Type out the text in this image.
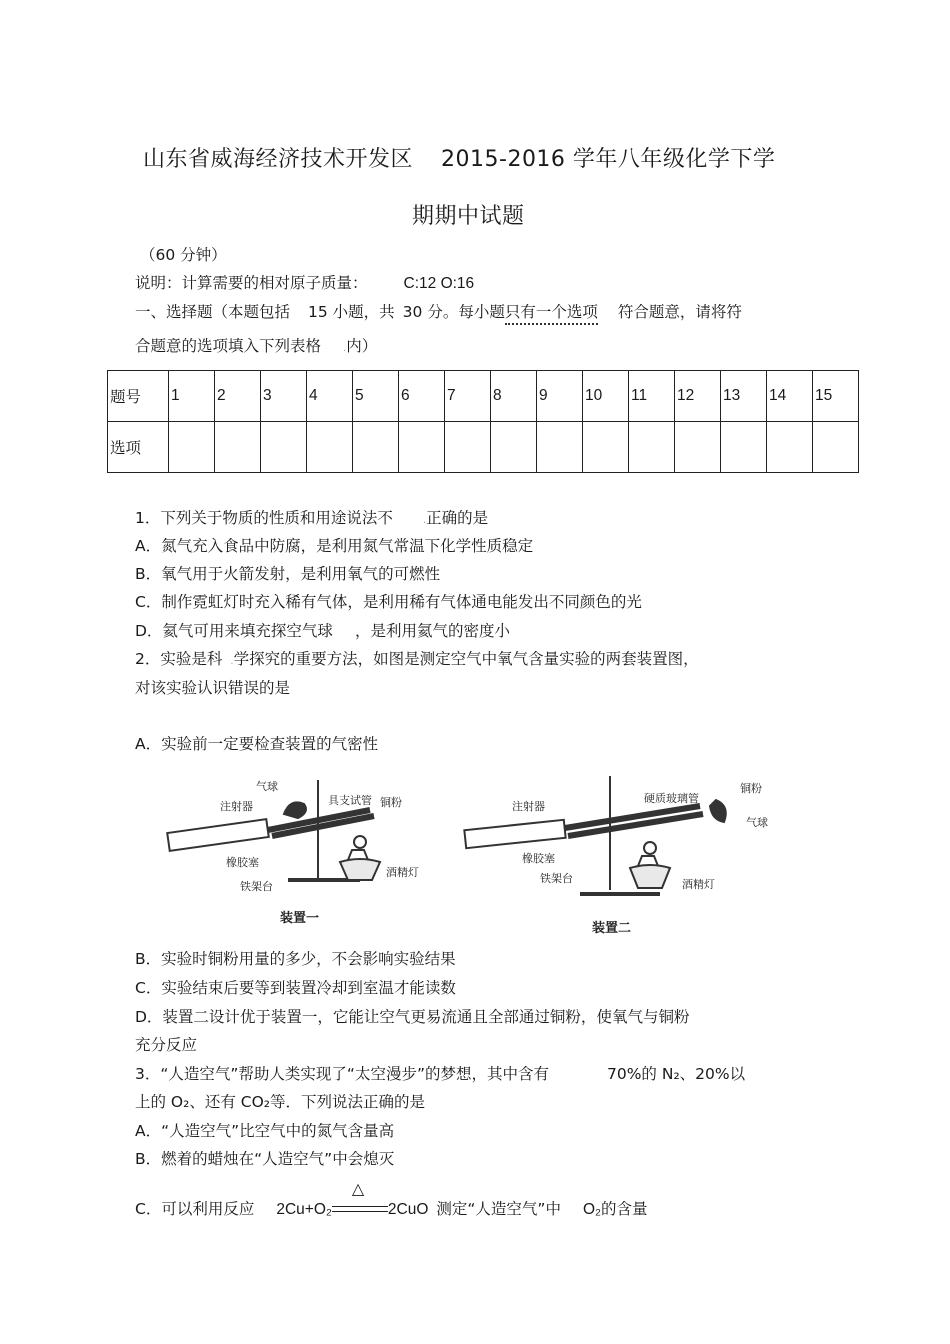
山东省威海经济技术开发区 2015-2016 学年八年级化学下学
期期中试题
（60 分钟）
说明：计算需要的相对原子质量： C:12 O:16
一、选择题（本题包括 15 小题，共 30 分。每小题只有一个选项 符合题意，请将符
合题意的选项填入下列表格 .内）
题号	1	2	3	4	5	6	7	8	9	10	11	12	13	14	15
选项															
1．下列关于物质的性质和用途说法不	.正确的是
A．氮气充入食品中防腐，是利用氮气常温下化学性质稳定
B．氧气用于火箭发射，是利用氧气的可燃性
C．制作霓虹灯时充入稀有气体，是利用稀有气体通电能发出不同颜色的光
D．氦气可用来填充探空气球 ，是利用氦气的密度小
2．实验是科 .学探究的重要方法，如图是测定空气中氧气含量实验的两套装置图，
对该实验认识错误的是
A．实验前一定要检查装置的气密性
气球
注射器	具支试管 铜粉
橡胶塞
铁架台
酒精灯
装置一
注射器
硬质玻璃管
铜粉
气球
橡胶塞
铁架台	酒精灯
装置二
B．实验时铜粉用量的多少，不会影响实验结果
C．实验结束后要等到装置冷却到室温才能读数
D．装置二设计优于装置一，它能让空气更易流通且全部通过铜粉，使氧气与铜粉
充分反应
3．“人造空气”帮助人类实现了“太空漫步”的梦想，其中含有	70%的 N₂、20%以
上的 O₂、还有 CO₂等．下列说法正确的是
A．“人造空气”比空气中的氮气含量高
B．燃着的蜡烛在“人造空气”中会熄灭
C．可以利用反应 2Cu+O₂
△
2CuO 测定“人造空气”中 O₂的含量
